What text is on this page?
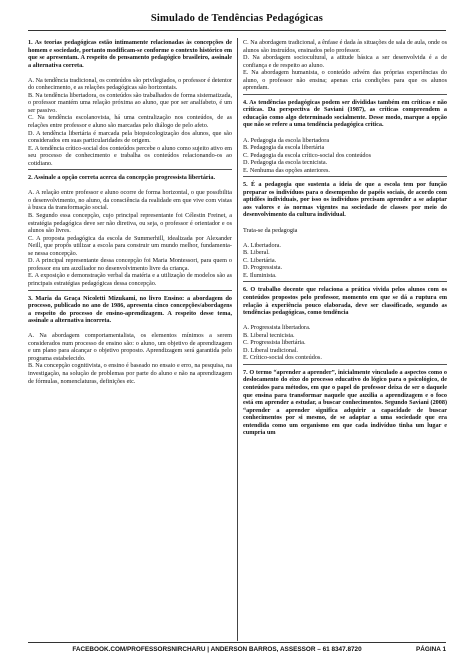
Simulado de Tendências Pedagógicas

1. As teorias pedagógicas estão intimamente relacionadas às concepções de homem e sociedade, portanto modificam-se conforme o contexto histórico em que se apresentam. A respeito do pensamento pedagógico brasileiro, assinale a alternativa correta.

A. Na tendência tradicional, os conteúdos são privilegiados, o professor é detentor do conhecimento, e as relações pedagógicas são horizontais.

B. Na tendência libertadora, os conteúdos são trabalhados de forma sistematizada, o professor mantém uma relação próxima ao aluno, que por ser analfabeto, é um ser passivo.

C. Na tendência escolanovista, há uma centralização nos conteúdos, de as relações entre professor e aluno são marcadas pelo diálogo de pelo afeto.

D. A tendência libertária é marcada pela biopsicologização dos alunos, que são considerados em suas particularidades de origem.

E. A tendência crítico-social dos conteúdos percebe o aluno como sujeito ativo em seu processo de conhecimento e trabalha os conteúdos relacionando-os ao cotidiano.

2. Assinale a opção correta acerca da concepção progressista libertária.

A. A relação entre professor e aluno ocorre de forma horizontal, o que possibilita o desenvolvimento, no aluno, da consciência da realidade em que vive com vistas à busca da transformação social.

B. Segundo essa concepção, cujo principal representante foi Célestin Freinet, a estratégia pedagógica deve ser não diretiva, ou seja, o professor é orientador e os alunos são livres.

C. A proposta pedagógica da escola de Summerhill, idealizada por Alexander Neill, que propôs utilizar a escola para construir um mundo melhor, fundamenta-se nessa concepção.

D. A principal representante dessa concepção foi Maria Montessori, para quem o professor era um auxiliador no desenvolvimento livre da criança.

E. A exposição e demonstração verbal da matéria e a utilização de modelos são as principais estratégias pedagógicas dessa concepção.

3. Maria da Graça Nicoletti Mizukami, no livro Ensino: a abordagem do processo, publicado no ano de 1986, apresenta cinco concepções/abordagens a respeito do processo de ensino-aprendizagem. A respeito desse tema, assinale a alternativa incorreta.

A. Na abordagem comportamentalista, os elementos mínimos a serem considerados num processo de ensino são: o aluno, um objetivo de aprendizagem e um plano para alcançar o objetivo proposto. Aprendizagem será garantida pelo programa estabelecido.

B. Na concepção cognitivista, o ensino é baseado no ensaio e erro, na pesquisa, na investigação, na solução de problemas por parte do aluno e não na aprendizagem de fórmulas, nomenclaturas, definições etc.

C. Na abordagem tradicional, a ênfase é dada às situações de sala de aula, onde os alunos são instruídos, ensinados pelo professor.

D. Na abordagem sociocultural, a atitude básica a ser desenvolvida é a de confiança e de respeito ao aluno.

E. Na abordagem humanista, o conteúdo advém das próprias experiências do aluno, o professor não ensina; apenas cria condições para que os alunos aprendam.

4. As tendências pedagógicas podem ser divididas também em críticas e não críticas. Da perspectiva de Saviani (1987), as críticas compreendem a educação como algo determinado socialmente. Desse modo, marque a opção que não se refere a uma tendência pedagógica crítica.

A. Pedagogia da escola libertadora

B. Pedagogia da escola libertária

C. Pedagogia da escola crítico-social dos conteúdos

D. Pedagogia da escola tecnicista.

E. Nenhuma das opções anteriores.

5. É a pedagogia que sustenta a ideia de que a escola tem por função preparar os indivíduos para o desempenho de papéis sociais, de acordo com aptidões individuais, por isso os indivíduos precisam aprender a se adaptar aos valores e às normas vigentes na sociedade de classes por meio do desenvolvimento da cultura individual.

Trata-se da pedagogia

A. Libertadora.

B. Liberal.

C. Libertária.

D. Progressista.

E. Iluminista.

6. O trabalho docente que relaciona a prática vivida pelos alunos com os conteúdos propostos pelo professor, momento em que se dá a ruptura em relação à experiência pouco elaborada, deve ser classificado, segundo as tendências pedagógicas, como tendência

A. Progressista libertadora.

B. Liberal tecnicista.

C. Progressista libertária.

D. Liberal tradicional.

E. Crítico-social dos conteúdos.

7. O termo “aprender a aprender”, inicialmente vinculado a aspectos como o deslocamento do eixo do processo educativo do lógico para o psicológico, de conteúdos para métodos, em que o papel do professor deixa de ser o daquele que ensina para transformar naquele que auxilia a aprendizagem e o foco está em aprender a estudar, a buscar conhecimentos. Segundo Saviani (2008) “aprender a aprender significa adquirir a capacidade de buscar conhecimentos por si mesmo, de se adaptar a uma sociedade que era entendida como um organismo em que cada indivíduo tinha um lugar e cumpria um

FACEBOOK.COM/PROFESSORSNIRCHARU | ANDERSON BARROS, ASSESSOR – 61 8347.8720	PÁGINA 1
